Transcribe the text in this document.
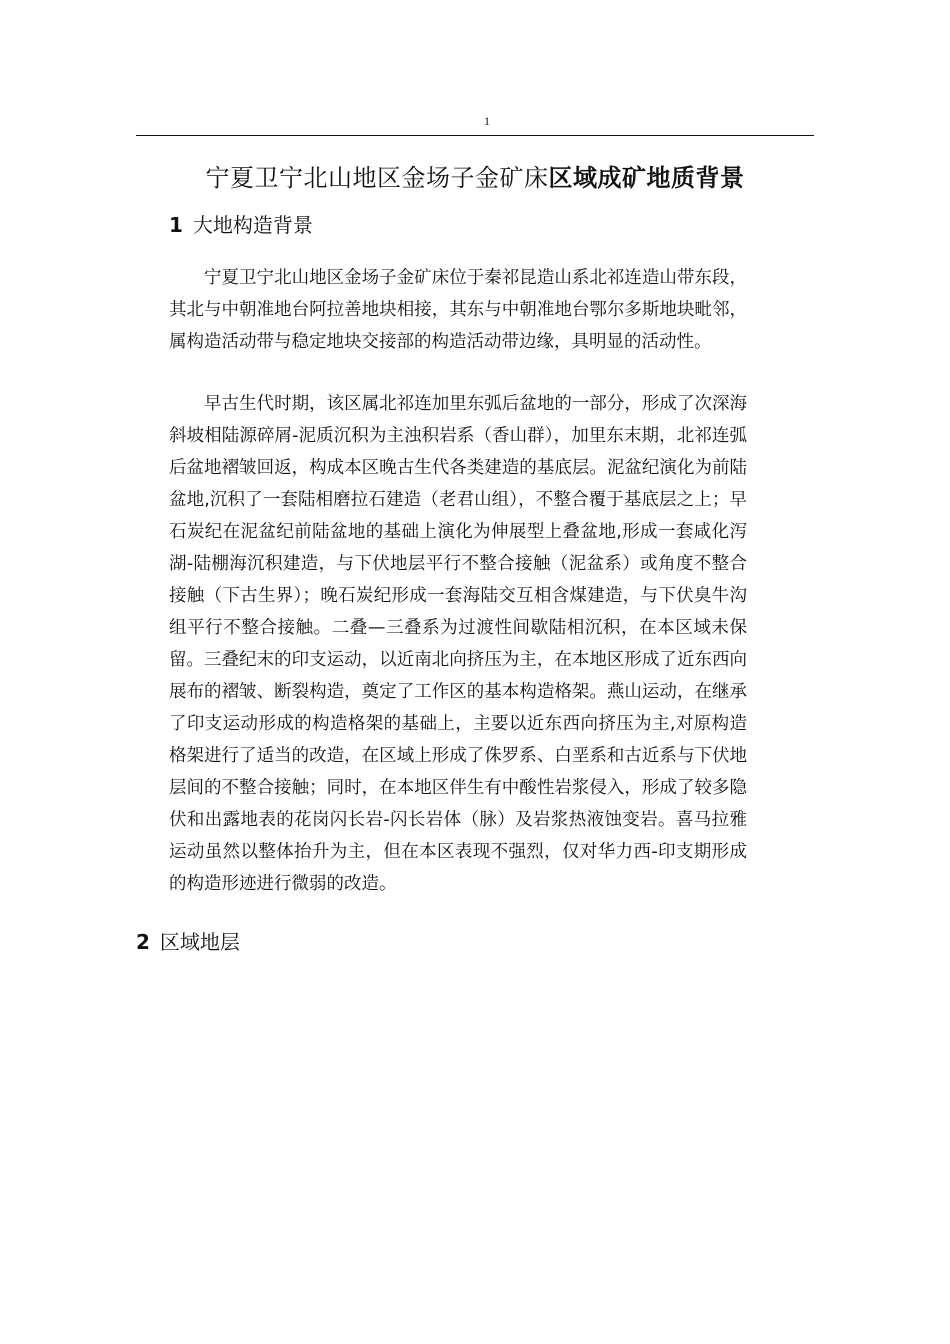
1
宁夏卫宁北山地区金场子金矿床区域成矿地质背景
1 大地构造背景

宁夏卫宁北山地区金场子金矿床位于秦祁昆造山系北祁连造山带东段，其北与中朝准地台阿拉善地块相接，其东与中朝准地台鄂尔多斯地块毗邻，属构造活动带与稳定地块交接部的构造活动带边缘，具明显的活动性。

早古生代时期，该区属北祁连加里东弧后盆地的一部分，形成了次深海斜坡相陆源碎屑-泥质沉积为主浊积岩系（香山群），加里东末期，北祁连弧后盆地褶皱回返，构成本区晚古生代各类建造的基底层。泥盆纪演化为前陆盆地,沉积了一套陆相磨拉石建造（老君山组），不整合覆于基底层之上；早石炭纪在泥盆纪前陆盆地的基础上演化为伸展型上叠盆地,形成一套咸化泻湖-陆棚海沉积建造，与下伏地层平行不整合接触（泥盆系）或角度不整合接触（下古生界）；晚石炭纪形成一套海陆交互相含煤建造，与下伏臭牛沟组平行不整合接触。二叠—三叠系为过渡性间歇陆相沉积，在本区域未保留。三叠纪末的印支运动，以近南北向挤压为主，在本地区形成了近东西向展布的褶皱、断裂构造，奠定了工作区的基本构造格架。燕山运动，在继承了印支运动形成的构造格架的基础上，主要以近东西向挤压为主,对原构造格架进行了适当的改造，在区域上形成了侏罗系、白垩系和古近系与下伏地层间的不整合接触；同时，在本地区伴生有中酸性岩浆侵入，形成了较多隐伏和出露地表的花岗闪长岩-闪长岩体（脉）及岩浆热液蚀变岩。喜马拉雅运动虽然以整体抬升为主，但在本区表现不强烈，仅对华力西-印支期形成的构造形迹进行微弱的改造。

2 区域地层
